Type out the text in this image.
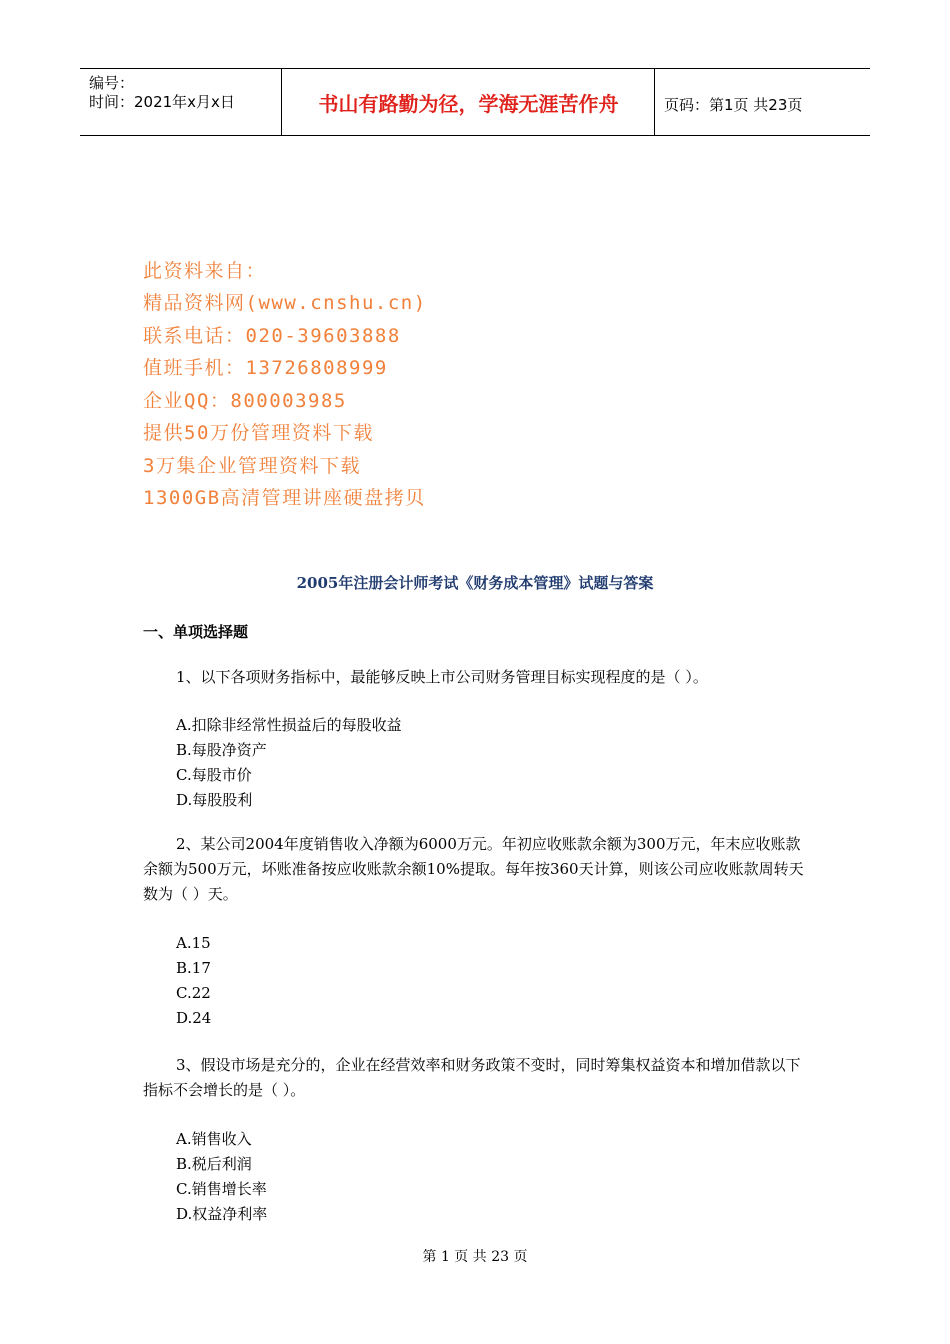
编号：
时间：2021年x月x日	书山有路勤为径，学海无涯苦作舟	页码：第1页 共23页
此资料来自：
精品资料网(www.cnshu.cn)
联系电话：020-39603888
值班手机：13726808999
企业QQ：800003985
提供50万份管理资料下载
3万集企业管理资料下载
1300GB高清管理讲座硬盘拷贝
2005年注册会计师考试《财务成本管理》试题与答案
一、单项选择题
1、以下各项财务指标中，最能够反映上市公司财务管理目标实现程度的是（ ）。
A.扣除非经常性损益后的每股收益
B.每股净资产
C.每股市价
D.每股股利
2、某公司2004年度销售收入净额为6000万元。年初应收账款余额为300万元，年末应收账款余额为500万元，坏账准备按应收账款余额10%提取。每年按360天计算，则该公司应收账款周转天数为（ ）天。
A.15
B.17
C.22
D.24
3、假设市场是充分的，企业在经营效率和财务政策不变时，同时筹集权益资本和增加借款以下指标不会增长的是（ ）。
A.销售收入
B.税后利润
C.销售增长率
D.权益净利率
第 1 页 共 23 页
